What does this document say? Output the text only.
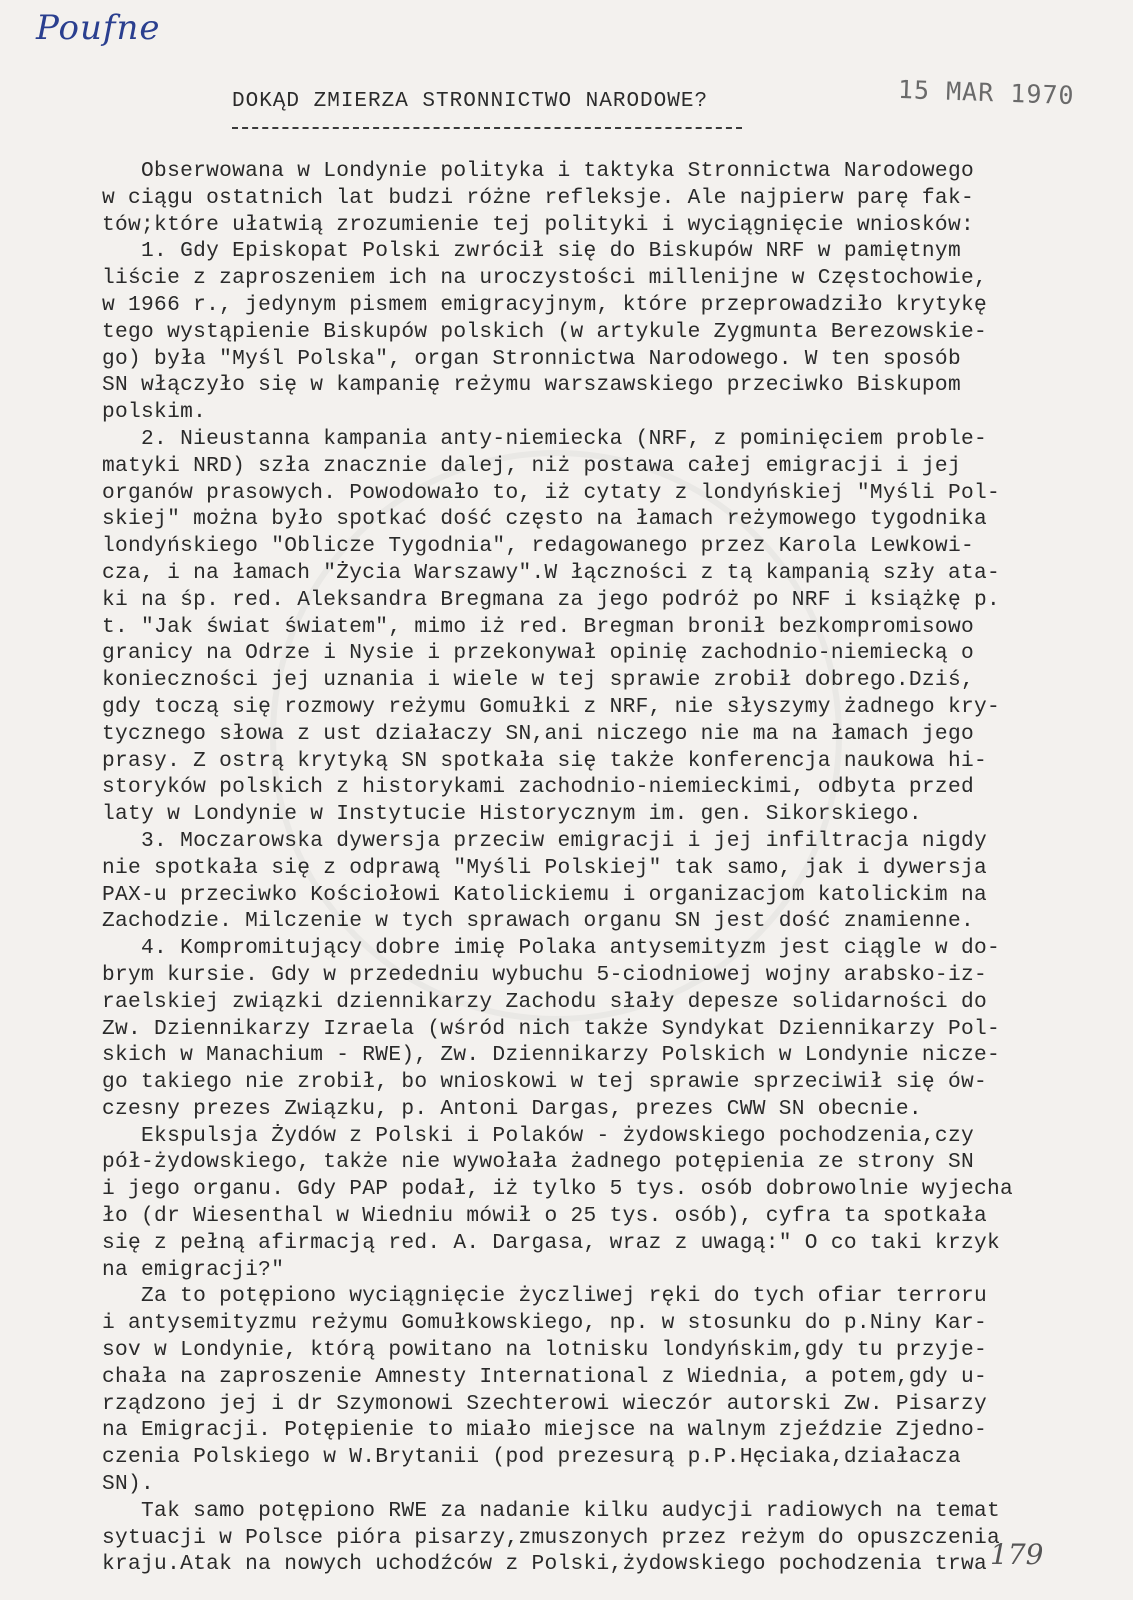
Poufne
15 MAR 1970
DOKĄD ZMIERZA STRONNICTWO NARODOWE?
Obserwowana w Londynie polityka i taktyka Stronnictwa Narodowego
w ciągu ostatnich lat budzi różne refleksje. Ale najpierw parę fak-
tów;które ułatwią zrozumienie tej polityki i wyciągnięcie wniosków:
1. Gdy Episkopat Polski zwrócił się do Biskupów NRF w pamiętnym
liście z zaproszeniem ich na uroczystości millenijne w Częstochowie,
w 1966 r., jedynym pismem emigracyjnym, które przeprowadziło krytykę
tego wystąpienie Biskupów polskich (w artykule Zygmunta Berezowskie-
go) była "Myśl Polska", organ Stronnictwa Narodowego. W ten sposób
SN włączyło się w kampanię reżymu warszawskiego przeciwko Biskupom
polskim.
2. Nieustanna kampania anty-niemiecka (NRF, z pominięciem proble-
matyki NRD) szła znacznie dalej, niż postawa całej emigracji i jej
organów prasowych. Powodowało to, iż cytaty z londyńskiej "Myśli Pol-
skiej" można było spotkać dość często na łamach reżymowego tygodnika
londyńskiego "Oblicze Tygodnia", redagowanego przez Karola Lewkowi-
cza, i na łamach "Życia Warszawy".W łączności z tą kampanią szły ata-
ki na śp. red. Aleksandra Bregmana za jego podróż po NRF i książkę p.
t. "Jak świat światem", mimo iż red. Bregman bronił bezkompromisowo
granicy na Odrze i Nysie i przekonywał opinię zachodnio-niemiecką o
konieczności jej uznania i wiele w tej sprawie zrobił dobrego.Dziś,
gdy toczą się rozmowy reżymu Gomułki z NRF, nie słyszymy żadnego kry-
tycznego słowa z ust działaczy SN,ani niczego nie ma na łamach jego
prasy. Z ostrą krytyką SN spotkała się także konferencja naukowa hi-
storyków polskich z historykami zachodnio-niemieckimi, odbyta przed
laty w Londynie w Instytucie Historycznym im. gen. Sikorskiego.
3. Moczarowska dywersja przeciw emigracji i jej infiltracja nigdy
nie spotkała się z odprawą "Myśli Polskiej" tak samo, jak i dywersja
PAX-u przeciwko Kościołowi Katolickiemu i organizacjom katolickim na
Zachodzie. Milczenie w tych sprawach organu SN jest dość znamienne.
4. Kompromitujący dobre imię Polaka antysemityzm jest ciągle w do-
brym kursie. Gdy w przededniu wybuchu 5-ciodniowej wojny arabsko-iz-
raelskiej związki dziennikarzy Zachodu słały depesze solidarności do
Zw. Dziennikarzy Izraela (wśród nich także Syndykat Dziennikarzy Pol-
skich w Manachium - RWE), Zw. Dziennikarzy Polskich w Londynie nicze-
go takiego nie zrobił, bo wnioskowi w tej sprawie sprzeciwił się ów-
czesny prezes Związku, p. Antoni Dargas, prezes CWW SN obecnie.
Ekspulsja Żydów z Polski i Polaków - żydowskiego pochodzenia,czy
pół-żydowskiego, także nie wywołała żadnego potępienia ze strony SN
i jego organu. Gdy PAP podał, iż tylko 5 tys. osób dobrowolnie wyjecha
ło (dr Wiesenthal w Wiedniu mówił o 25 tys. osób), cyfra ta spotkała
się z pełną afirmacją red. A. Dargasa, wraz z uwagą:" O co taki krzyk
na emigracji?"
Za to potępiono wyciągnięcie życzliwej ręki do tych ofiar terroru
i antysemityzmu reżymu Gomułkowskiego, np. w stosunku do p.Niny Kar-
sov w Londynie, którą powitano na lotnisku londyńskim,gdy tu przyje-
chała na zaproszenie Amnesty International z Wiednia, a potem,gdy u-
rządzono jej i dr Szymonowi Szechterowi wieczór autorski Zw. Pisarzy
na Emigracji. Potępienie to miało miejsce na walnym zjeździe Zjedno-
czenia Polskiego w W.Brytanii (pod prezesurą p.P.Hęciaka,działacza
SN).
Tak samo potępiono RWE za nadanie kilku audycji radiowych na temat
sytuacji w Polsce pióra pisarzy,zmuszonych przez reżym do opuszczenia
kraju.Atak na nowych uchodźców z Polski,żydowskiego pochodzenia trwa 179
